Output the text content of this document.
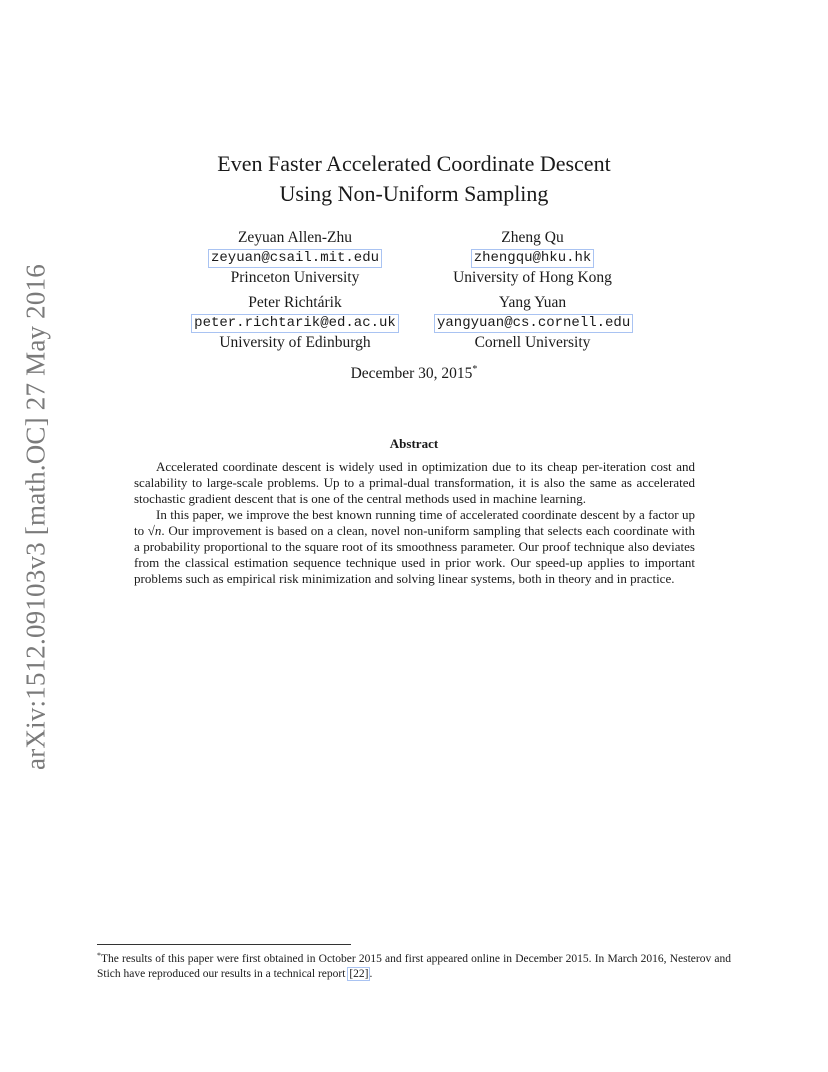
arXiv:1512.09103v3 [math.OC] 27 May 2016
Even Faster Accelerated Coordinate Descent
Using Non-Uniform Sampling
Zeyuan Allen-Zhu
zeyuan@csail.mit.edu
Princeton University
Zheng Qu
zhengqu@hku.hk
University of Hong Kong
Peter Richtárik
peter.richtarik@ed.ac.uk
University of Edinburgh
Yang Yuan
yangyuan@cs.cornell.edu
Cornell University
December 30, 2015*
Abstract

Accelerated coordinate descent is widely used in optimization due to its cheap per-iteration cost and scalability to large-scale problems. Up to a primal-dual transformation, it is also the same as accelerated stochastic gradient descent that is one of the central methods used in machine learning.

In this paper, we improve the best known running time of accelerated coordinate descent by a factor up to √n. Our improvement is based on a clean, novel non-uniform sampling that selects each coordinate with a probability proportional to the square root of its smoothness parameter. Our proof technique also deviates from the classical estimation sequence technique used in prior work. Our speed-up applies to important problems such as empirical risk minimization and solving linear systems, both in theory and in practice.

*The results of this paper were first obtained in October 2015 and first appeared online in December 2015. In March 2016, Nesterov and Stich have reproduced our results in a technical report [22].
